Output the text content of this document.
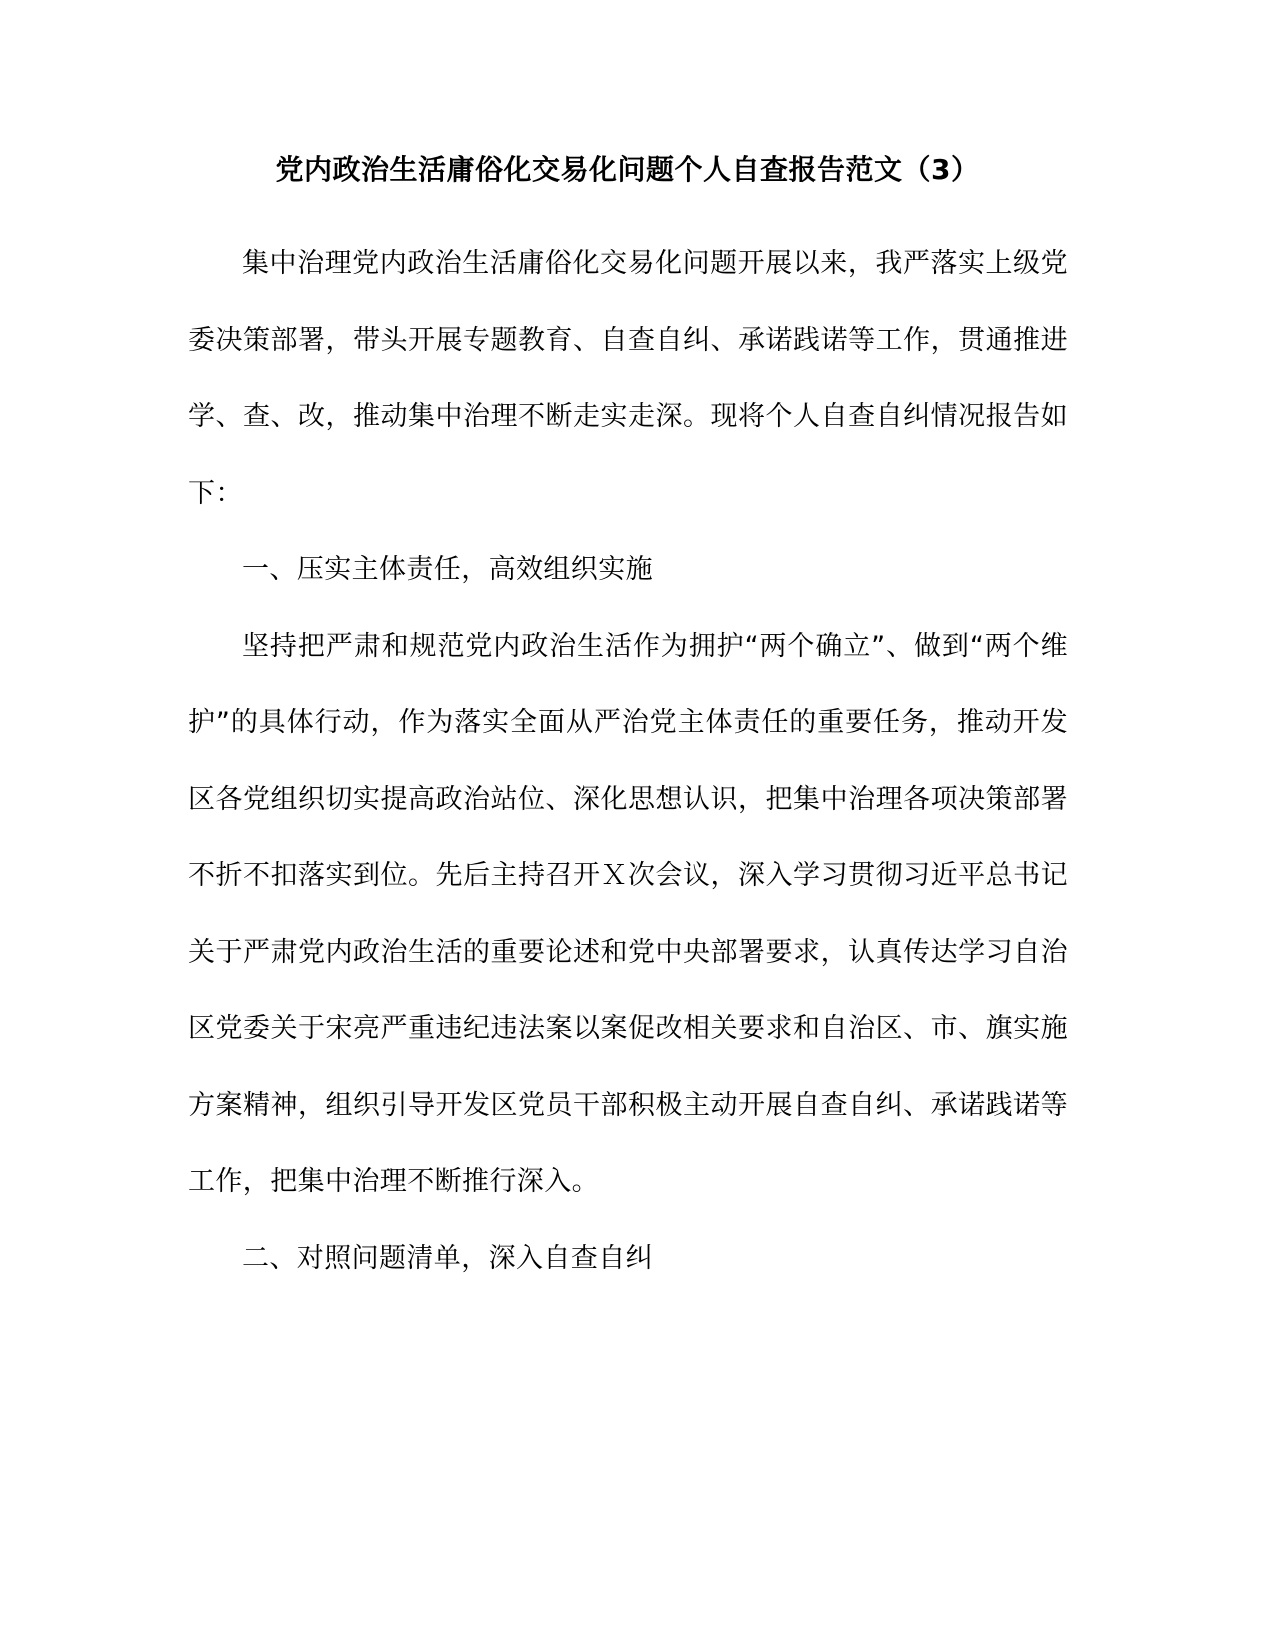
党内政治生活庸俗化交易化问题个人自查报告范文（3）

集中治理党内政治生活庸俗化交易化问题开展以来，我严落实上级党委决策部署，带头开展专题教育、自查自纠、承诺践诺等工作，贯通推进学、查、改，推动集中治理不断走实走深。现将个人自查自纠情况报告如下：

一、压实主体责任，高效组织实施

坚持把严肃和规范党内政治生活作为拥护“两个确立”、做到“两个维护”的具体行动，作为落实全面从严治党主体责任的重要任务，推动开发区各党组织切实提高政治站位、深化思想认识，把集中治理各项决策部署不折不扣落实到位。先后主持召开Ｘ次会议，深入学习贯彻习近平总书记关于严肃党内政治生活的重要论述和党中央部署要求，认真传达学习自治区党委关于宋亮严重违纪违法案以案促改相关要求和自治区、市、旗实施方案精神，组织引导开发区党员干部积极主动开展自查自纠、承诺践诺等工作，把集中治理不断推行深入。

二、对照问题清单，深入自查自纠
